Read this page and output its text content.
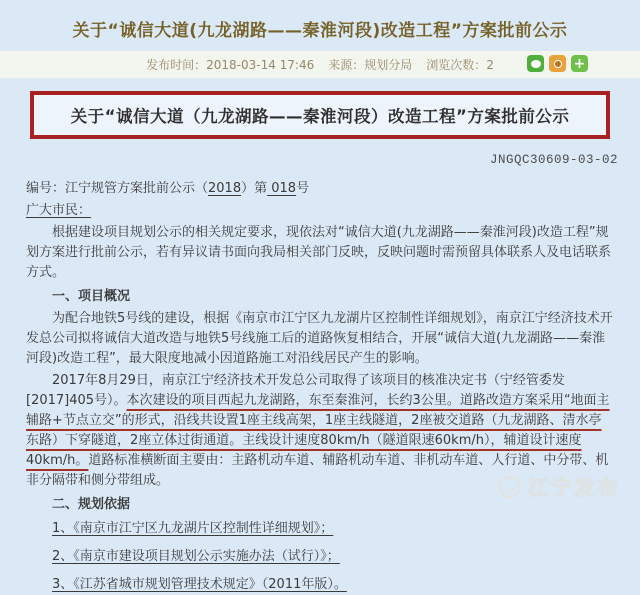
关于“诚信大道(九龙湖路——秦淮河段)改造工程”方案批前公示
发布时间：2018-03-14 17:46 来源：规划分局 浏览次数：2	+
关于“诚信大道（九龙湖路——秦淮河段）改造工程”方案批前公示
JNGQC30609-03-02
编号：江宁规管方案批前公示（2018）第 018号
广大市民：

根据建设项目规划公示的相关规定要求，现依法对“诚信大道(九龙湖路——秦淮河段)改造工程”规划方案进行批前公示，若有异议请书面向我局相关部门反映，反映问题时需预留具体联系人及电话联系方式。

一、项目概况

为配合地铁5号线的建设，根据《南京市江宁区九龙湖片区控制性详细规划》，南京江宁经济技术开发总公司拟将诚信大道改造与地铁5号线施工后的道路恢复相结合，开展“诚信大道(九龙湖路——秦淮河段)改造工程”，最大限度地减小因道路施工对沿线居民产生的影响。

2017年8月29日，南京江宁经济技术开发总公司取得了该项目的核准决定书（宁经管委发[2017]405号）。本次建设的项目西起九龙湖路，东至秦淮河，长约3公里。道路改造方案采用“地面主辅路+节点立交”的形式，沿线共设置1座主线高架，1座主线隧道，2座被交道路（九龙湖路、清水亭东路）下穿隧道，2座立体过街通道。主线设计速度80km/h（隧道限速60km/h），辅道设计速度40km/h。道路标准横断面主要由：主路机动车道、辅路机动车道、非机动车道、人行道、中分带、机非分隔带和侧分带组成。

二、规划依据
1、《南京市江宁区九龙湖片区控制性详细规划》；
2、《南京市建设项目规划公示实施办法（试行）》；
3、《江苏省城市规划管理技术规定》（2011年版）。
江宁发布
